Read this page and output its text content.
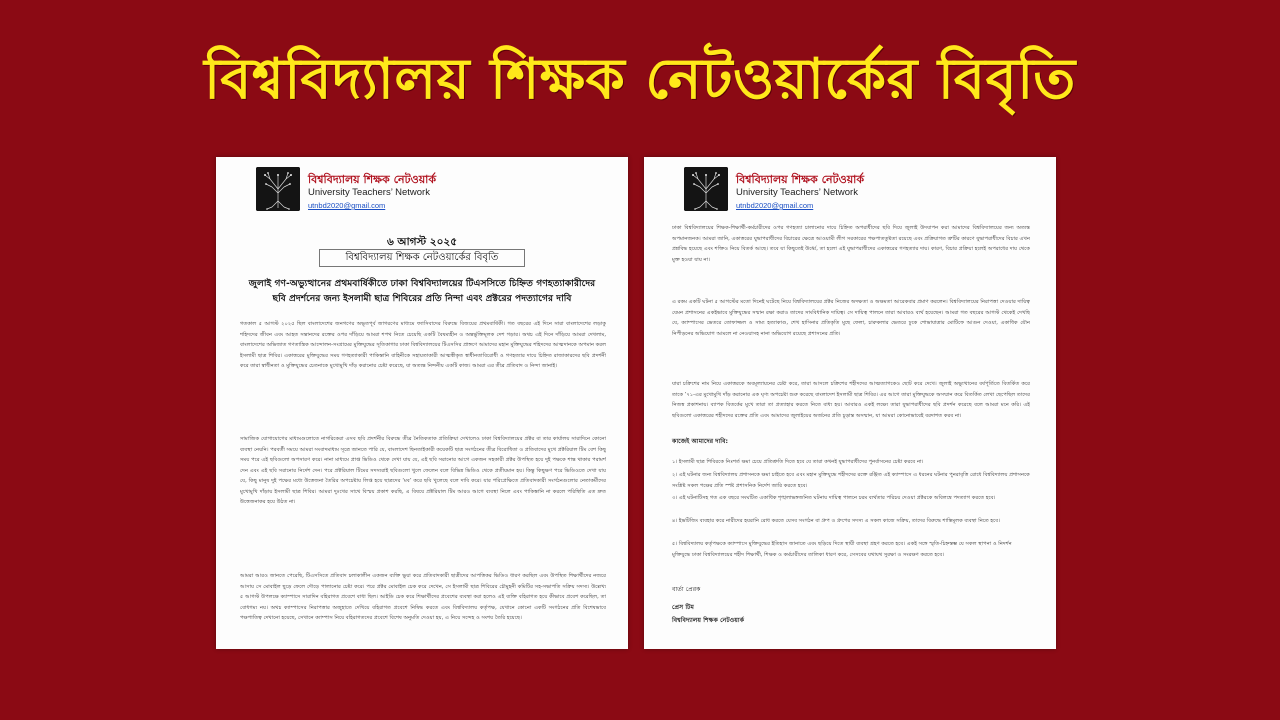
বিশ্ববিদ্যালয় শিক্ষক নেটওয়ার্কের বিবৃতি
বিশ্ববিদ্যালয় শিক্ষক নেটওয়ার্ক
University Teachers’ Network
utnbd2020@gmail.com
৬ আগস্ট ২০২৫
বিশ্ববিদ্যালয় শিক্ষক নেটওয়ার্কের বিবৃতি
জুলাই গণ-অভ্যুত্থানের প্রথমবার্ষিকীতে ঢাকা বিশ্ববিদ্যালয়ের টিএসসিতে চিহ্নিত গণহত্যাকারীদের ছবি প্রদর্শনের জন্য ইসলামী ছাত্র শিবিরের প্রতি নিন্দা এবং প্রক্টরের পদত্যাগের দাবি
গতকাল ৫ আগস্ট ২০২৫ ছিল বাংলাদেশের জনগণের অভূতপূর্ব জাগরণের মাধ্যমে ফ্যাসিবাদের বিরুদ্ধে বিজয়ের প্রথমবার্ষিকী। গত বছরের এই দিনে সারা বাংলাদেশের লড়াকু শহিদদের জীবন এবং আহত সন্তানদের রক্তের ওপর দাঁড়িয়ে আমরা শপথ নিতে চেয়েছি একটি বৈষম্যহীন ও অন্তর্ভুক্তিমূলক দেশ গড়ার। অথচ এই দিনে দাঁড়িয়ে আমরা দেখলাম, বাংলাদেশের অভিজাত গণতান্ত্রিক আন্দোলন-সংগ্রামের মুক্তিযুদ্ধের সূতিকাগার ঢাকা বিশ্ববিদ্যালয়ের টিএসসির প্রাঙ্গণে আমাদের মহান মুক্তিযুদ্ধের শহিদদের আত্মদানকে অপমান করল ইসলামী ছাত্র শিবির। একাত্তরের মুক্তিযুদ্ধের সময় গণহত্যাকারী পাকিস্তানি বাহিনীকে সহায়তাকারী আত্মস্বীকৃত স্বাধীনতাবিরোধী ও গণহত্যার দায়ে চিহ্নিত রাজাকারদের ছবি প্রদর্শনী করে তারা স্বাধীনতা ও মুক্তিযুদ্ধের চেতনাকে মুখোমুখি দাঁড় করানোর চেষ্টা করেছে, যা অত্যন্ত নিন্দনীয় একটি কাজ। আমরা এর তীব্র প্রতিবাদ ও নিন্দা জানাই।
সামাজিক যোগাযোগের মাধ্যমগুলোতে নাগরিকেরা এসব ছবি প্রদর্শনীর বিরুদ্ধে তীব্র নৈতিকতাক প্রতিক্রিয়া দেখালেও ঢাকা বিশ্ববিদ্যালয়ের প্রক্টর বা তার কার্যালয় সারাদিনে কোনো ব্যবস্থা নেয়নি। পরবর্তী সময়ে আমরা সংবাদমাধ্যম সূত্রে জানতে পারি যে, বাংলাদেশ ছিনতাইকারী কয়েকটি ছাত্র সংগঠনের তীব্র বিরোধিতা ও প্রতিবাদের মুখে প্রক্টরিয়াল টিম বেশ কিছু সময় পরে এই ছবিগুলো অপসারণ করে। নানা মাধ্যমে প্রাপ্ত ভিডিও থেকে দেখা যায় যে, এই ছবি সরানোর আগে একজন সহকারী প্রক্টর উপস্থিত হয়ে দুই পক্ষকে শান্ত থাকার পরামর্শ দেন এবং এই ছবি সরানোর নির্দেশ দেন। পরে প্রক্টরিয়াল টিমের সদস্যরাই ছবিগুলো খুলে ফেলেন বলে বিভিন্ন ভিডিও থেকে প্রতীয়মান হয়। কিন্তু কিছুক্ষণ পরে ভিডিওতে দেখা যায় যে, কিছু মানুষ দুই পক্ষের মধ্যে উত্তেজনা তৈরির অপচেষ্টায় লিপ্ত হয়ে ছাত্রদের ‘মব’ করে ছবি খুলেছে বলে দাবি করে। যার পরিপ্রেক্ষিতে প্রতিবাদকারী সংগঠনগুলোর নেতাকর্মীদের মুখোমুখি দাঁড়ায় ইসলামী ছাত্র শিবির। আমরা দুঃখের সাথে বিস্ময় প্রকাশ করছি, এ বিষয়ে প্রক্টরিয়াল টিম আরও আগে ব্যবস্থা নিলে এবং পাকিস্তানি না করলে পরিস্থিতি এত দ্রুত উত্তেজনাকর হয়ে উঠত না।
আমরা আরও জানতে পেরেছি, টিএসসিতে প্রতিবাদ চলাকালীন একজন ব্যক্তি ভুয়া করে প্রতিবাদকারী ছাত্রীদের আপত্তিকর ভিডিও ধারণ করছিল এবং উপস্থিত শিক্ষার্থীদের নজরে আসায় সে মোবাইল ছুড়ে ফেলে দৌড়ে পালানোর চেষ্টা করে। পরে প্রক্টর মোবাইল চেক করে দেখেন, সে ইসলামী ছাত্র শিবিরের চৌমুহনী কমিটির সহ-সভাপতি সক্রিয় সদস্য। উল্লেখ্য ৫ আগস্ট উপলক্ষে ক্যাম্পাসে সারাদিন বহিরাগত প্রবেশে বাধা ছিল। আইডি চেক করে শিক্ষার্থীদের প্রবেশের ব্যবস্থা করা হলেও এই ব্যক্তি বহিরাগত হয়ে কীভাবে প্রবেশ করেছিল, তা বোধগম্য নয়। অথচ ক্যাম্পাসের নিরাপত্তার অজুহাতে দেখিয়ে বহিরাগত প্রবেশে নিষিদ্ধ করতে এবং বিশ্ববিদ্যালয় কর্তৃপক্ষ, যেখানে কোনো একটি সংগঠনের প্রতি বিশেষভাবে পক্ষপাতিত্ব দেখানো হয়েছে, সেখানে ক্যাম্পাস নিয়ে বহিরাগতদের প্রবেশে বিশেষ অনুমতি দেওয়া হয়, এ নিয়ে সন্দেহ ও সংশয় তৈরি হয়েছে।
বিশ্ববিদ্যালয় শিক্ষক নেটওয়ার্ক
University Teachers’ Network
utnbd2020@gmail.com
ঢাকা বিশ্ববিদ্যালয়ের শিক্ষক-শিক্ষার্থী-কর্মচারীদের ওপর গণহত্যা চালানোর দায়ে চিহ্নিত অপরাধীদের ছবি দিয়ে জুলাই উদযাপন করা আমাদের বিশ্ববিদ্যালয়ের জন্য অত্যন্ত অপমানজনক। আমরা জানি, একাত্তরের যুদ্ধাপরাধীদের বিচারের ক্ষেত্রে আওয়ামী লীগ সরকারের পক্ষপাততুষ্টতা রয়েছে এবং প্রক্রিয়াগত ত্রুটির কারণে যুদ্ধাপরাধীদের বিচার এখন প্রশ্নবিদ্ধ হয়েছে এবং শক্তিও নিয়ে বিতর্ক আছে। তবে যা কিছুতেই উর্ধ্বে, তা হলো এই যুদ্ধাপরাধীদের একাত্তরের গণহত্যার দায়। কারণ, বিচার প্রক্রিয়া হলেই অপরাধের দায় থেকে মুক্ত হওয়া যায় না।
এ রকম একটি ঘটনা ৫ আগস্টের মতো দিনেই ঘটেছে নিয়ে বিশ্ববিদ্যালয়ের প্রক্টর নিজের অদক্ষতা ও অক্ষমতা আরেকবার প্রমাণ করলেন। বিশ্ববিদ্যালয়ের নিরাপত্তা দেওয়ার দায়িত্ব যেমন প্রশাসনের একইভাবে মুক্তিযুদ্ধের সম্মান রক্ষা করাও তাদের সাংবিধানিক দায়িত্ব। সে দায়িত্ব পালনে তারা আবারও ব্যর্থ হয়েছেন। আমরা গত বছরের আগস্ট থেকেই দেখছি যে, ক্যাম্পাসের ভেতরে তোফাজ্জল ও সাম্য হত্যাকাণ্ড, শেখ হাসিনার প্রতিকৃতি মুছে ফেলা, চারুকলার ভেতরে ঢুকে শোভাযাত্রার মোটিফে আগুন দেওয়া, একাধিক যৌন নিপীড়নের অভিযোগ আমলে না নেওয়াসহ নানা অভিযোগ রয়েছে প্রশাসনের প্রতি।
যারা চক্রিশের নাম নিয়ে একাত্তরকে অবমূল্যায়নের চেষ্টা করে, তারা আসলে চক্রিশের শহীদদের আত্মত্যাগকেও ছোট করে দেখে। জুলাই অভ্যুত্থানের বর্ষপূর্তিতে বিতর্কিত করে তাকে ’৭১-এর মুখোমুখি দাঁড় করানোর এক ঘৃণ্য অপচেষ্টা শুরু করেছে বাংলাদেশ ইসলামী ছাত্র শিবির। এর আগে তারা মুক্তিযুদ্ধকে অসম্মান করে বিতর্কিত লেখা ছেপেছিল তাদের নিজস্ব প্রকাশনায়। ব্যাপক বিতর্কের মুখে তারা তা প্রত্যাহার করতে নিতে বাধ্য হয়। আবারও একই লক্ষ্যে তারা যুদ্ধাপরাধীদের ছবি প্রদর্শন করেছে বলে আমরা মনে করি। এই ছবিগুলো একাত্তরের শহীদদের রক্তের প্রতি এবং আমাদের জুলাইয়ের অর্জনের প্রতি চূড়ান্ত অসম্মান, যা আমরা কোনোভাবেই বরদাশত করব না।
কাজেই আমাদের দাবি:
১। ইসলামী ছাত্র শিবিরকে নিঃশর্ত ক্ষমা চেয়ে প্রতিশ্রুতি দিতে হবে যে তারা কখনই যুদ্ধাপরাধীদের পুনর্বাসনের চেষ্টা করবে না।
২। এই ঘটনার জন্য বিশ্ববিদ্যালয় প্রশাসনকে ক্ষমা চাইতে হবে এবং মহান মুক্তিযুদ্ধে শহীদদের রক্তে রঞ্জিত এই ক্যাম্পাসে এ ধরনের ঘটনার পুনরাবৃত্তি রোধে বিশ্ববিদ্যালয় প্রশাসনকে সংশ্লিষ্ট সকল পক্ষের প্রতি স্পষ্ট প্রশাসনিক নির্দেশ জারি করতে হবে।
৩। এই ঘটনাটিসহ গত এক বছরে সংঘটিত একাধিক শৃঙ্খলাভঙ্গজনিত ঘটনায় দায়িত্ব পালনে চরম ব্যর্থতার পরিচয় দেওয়া প্রক্টরকে অবিলম্বে পদত্যাগ করতে হবে।
৪। ইভটিজিং ব্যবহার করে নারীদের হয়রানি রোধ করতে যেসব সংগঠন বা গ্রুপ ও গ্রুপের সদস্য এ সকল কাজে সক্রিয়, তাদের বিরুদ্ধে শাস্তিমূলক ব্যবস্থা নিতে হবে।
৫। বিশ্ববিদ্যালয় কর্তৃপক্ষকে ক্যাম্পাসে মুক্তিযুদ্ধের ইতিহাস জানাতে এবং ছড়িয়ে দিতে স্থায়ী ব্যবস্থা গ্রহণ করতে হবে। একই সঙ্গে স্মৃতি-চিহ্নস্তম্ভ যে সকল স্থাপনা ও নিদর্শন মুক্তিযুদ্ধে ঢাকা বিশ্ববিদ্যালয়ের শহীদ শিক্ষার্থী, শিক্ষক ও কর্মচারীদের তালিকা ধারণ করে, সেসবের যথাযথ সুরক্ষা ও সংরক্ষণ করতে হবে।
বার্তা প্রেরক
প্রেস টিম
বিশ্ববিদ্যালয় শিক্ষক নেটওয়ার্ক
